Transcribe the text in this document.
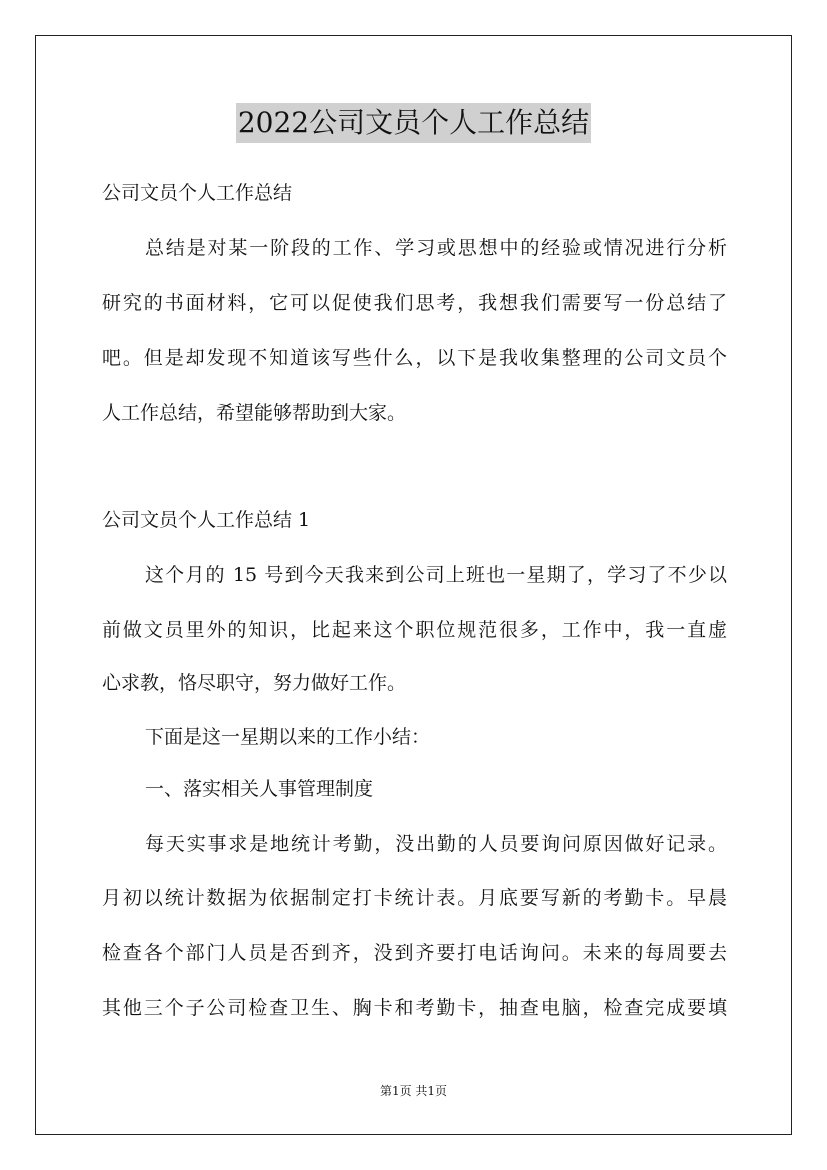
2022公司文员个人工作总结
公司文员个人工作总结
总结是对某一阶段的工作、学习或思想中的经验或情况进行分析
研究的书面材料，它可以促使我们思考，我想我们需要写一份总结了
吧。但是却发现不知道该写些什么，以下是我收集整理的公司文员个
人工作总结，希望能够帮助到大家。
公司文员个人工作总结 1
这个月的 15 号到今天我来到公司上班也一星期了，学习了不少以
前做文员里外的知识，比起来这个职位规范很多，工作中，我一直虚
心求教，恪尽职守，努力做好工作。
下面是这一星期以来的工作小结：
一、落实相关人事管理制度
每天实事求是地统计考勤，没出勤的人员要询问原因做好记录。
月初以统计数据为依据制定打卡统计表。月底要写新的考勤卡。早晨
检查各个部门人员是否到齐，没到齐要打电话询问。未来的每周要去
其他三个子公司检查卫生、胸卡和考勤卡，抽查电脑，检查完成要填
第1页 共1页
